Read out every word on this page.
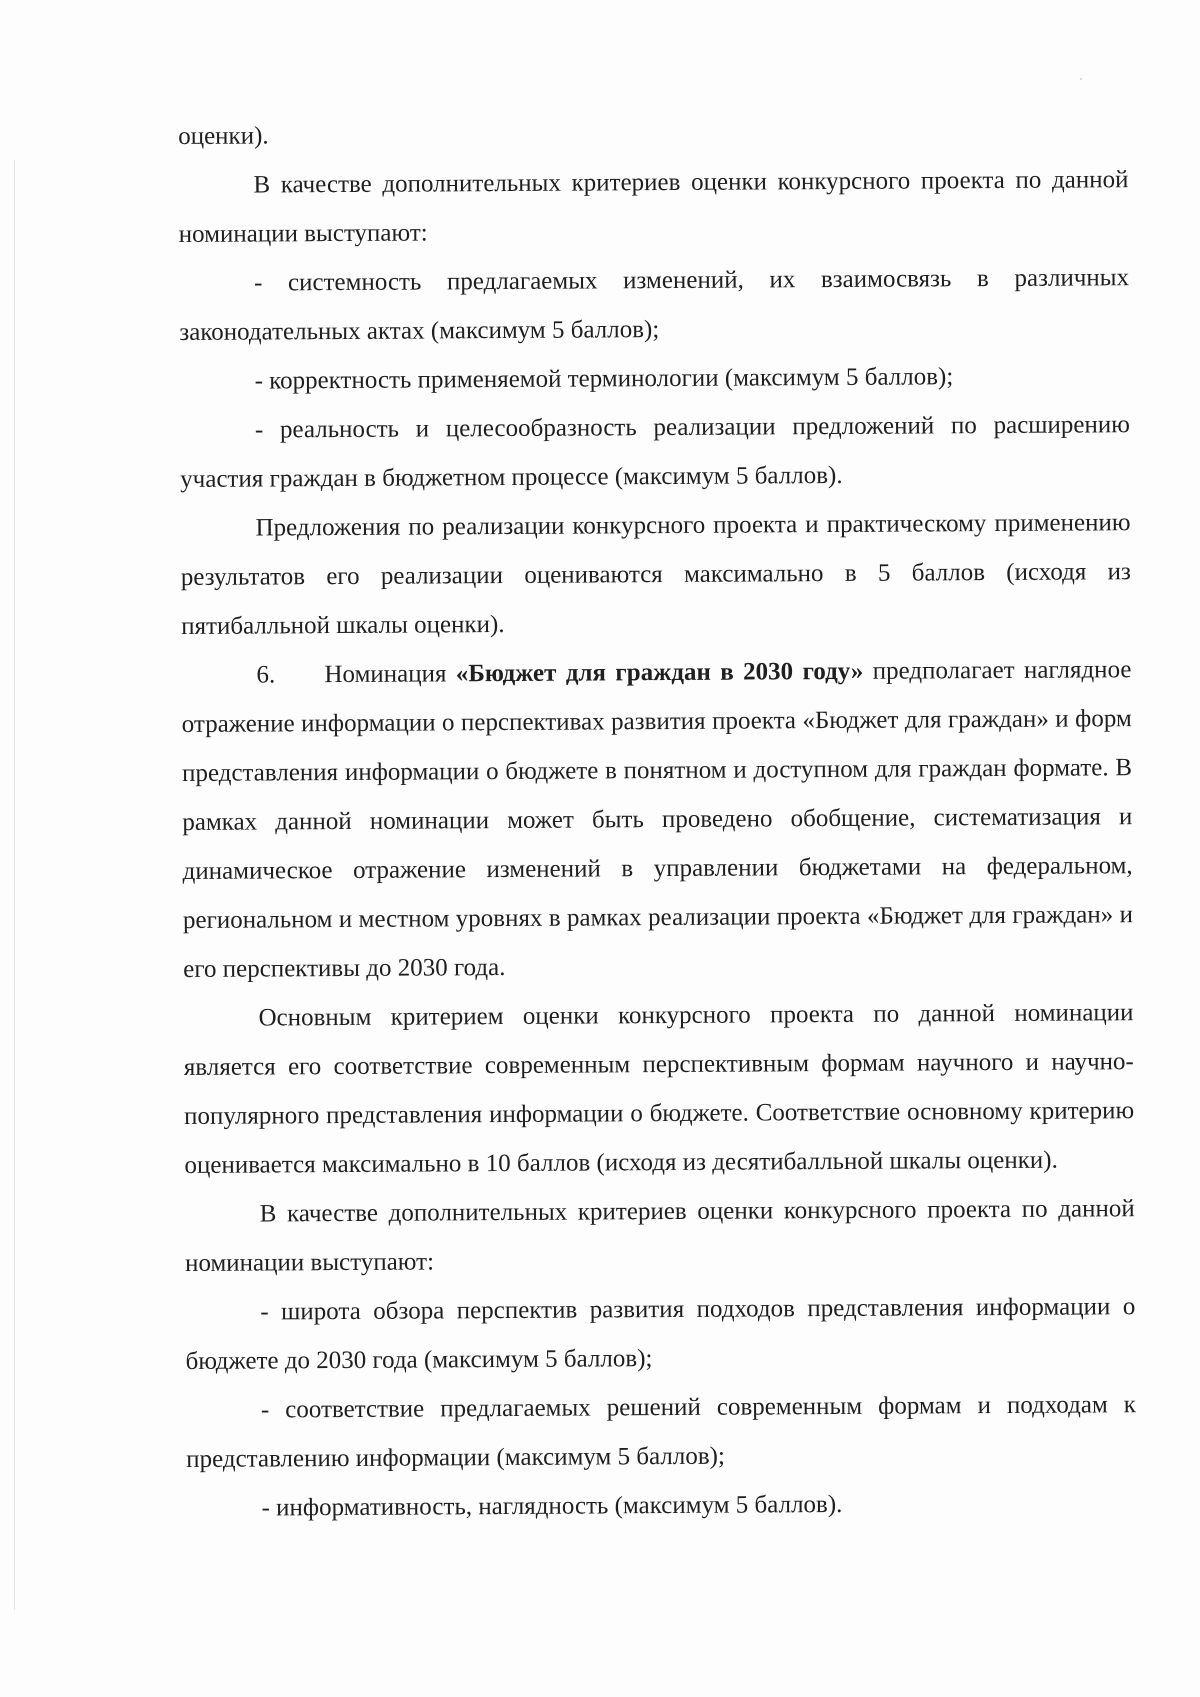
оценки).

В качестве дополнительных критериев оценки конкурсного проекта по данной номинации выступают:

- системность предлагаемых изменений, их взаимосвязь в различных законодательных актах (максимум 5 баллов);

- корректность применяемой терминологии (максимум 5 баллов);

- реальность и целесообразность реализации предложений по расширению участия граждан в бюджетном процессе (максимум 5 баллов).

Предложения по реализации конкурсного проекта и практическому применению результатов его реализации оцениваются максимально в 5 баллов (исходя из пятибалльной шкалы оценки).

6. Номинация «Бюджет для граждан в 2030 году» предполагает наглядное отражение информации о перспективах развития проекта «Бюджет для граждан» и форм представления информации о бюджете в понятном и доступном для граждан формате. В рамках данной номинации может быть проведено обобщение, систематизация и динамическое отражение изменений в управлении бюджетами на федеральном, региональном и местном уровнях в рамках реализации проекта «Бюджет для граждан» и его перспективы до 2030 года.

Основным критерием оценки конкурсного проекта по данной номинации является его соответствие современным перспективным формам научного и научно-популярного представления информации о бюджете. Соответствие основному критерию оценивается максимально в 10 баллов (исходя из десятибалльной шкалы оценки).

В качестве дополнительных критериев оценки конкурсного проекта по данной номинации выступают:

- широта обзора перспектив развития подходов представления информации о бюджете до 2030 года (максимум 5 баллов);

- соответствие предлагаемых решений современным формам и подходам к представлению информации (максимум 5 баллов);

- информативность, наглядность (максимум 5 баллов).
